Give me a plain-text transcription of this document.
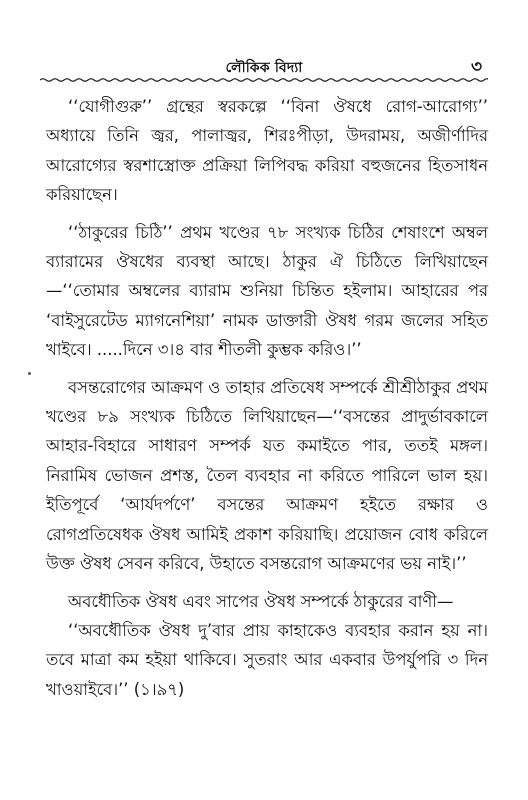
লৌকিক বিদ্যা	৩

‘‘যোগীগুরু’’ গ্রন্থের স্বরকল্পে ‘‘বিনা ঔষধে রোগ-আরোগ্য’’ অধ্যায়ে তিনি জ্বর, পালাজ্বর, শিরঃপীড়া, উদরাময়, অজীর্ণাদির আরোগ্যের স্বরশাস্ত্রোক্ত প্রক্রিয়া লিপিবদ্ধ করিয়া বহুজনের হিতসাধন করিয়াছেন।

‘‘ঠাকুরের চিঠি’’ প্রথম খণ্ডের ৭৮ সংখ্যক চিঠির শেষাংশে অম্বল ব্যারামের ঔষধের ব্যবস্থা আছে। ঠাকুর ঐ চিঠিতে লিখিয়াছেন—‘‘তোমার অম্বলের ব্যারাম শুনিয়া চিন্তিত হইলাম। আহারের পর ‘বাইসুরেটেড ম্যাগনেশিয়া’ নামক ডাক্তারী ঔষধ গরম জলের সহিত খাইবে। .....দিনে ৩।৪ বার শীতলী কুম্ভক করিও।’’

বসন্তরোগের আক্রমণ ও তাহার প্রতিষেধ সম্পর্কে শ্রীশ্রীঠাকুর প্রথম খণ্ডের ৮৯ সংখ্যক চিঠিতে লিখিয়াছেন—‘‘বসন্তের প্রাদুর্ভাবকালে আহার-বিহারে সাধারণ সম্পর্ক যত কমাইতে পার, ততই মঙ্গল। নিরামিষ ভোজন প্রশস্ত, তৈল ব্যবহার না করিতে পারিলে ভাল হয়। ইতিপূর্বে ‘আর্যদর্পণে’ বসন্তের আক্রমণ হইতে রক্ষার ও রোগপ্রতিষেধক ঔষধ আমিই প্রকাশ করিয়াছি। প্রয়োজন বোধ করিলে উক্ত ঔষধ সেবন করিবে, উহাতে বসন্তরোগ আক্রমণের ভয় নাই।’’

অবধৌতিক ঔষধ এবং সাপের ঔষধ সম্পর্কে ঠাকুরের বাণী—

‘‘অবধৌতিক ঔষধ দু’বার প্রায় কাহাকেও ব্যবহার করান হয় না। তবে মাত্রা কম হইয়া থাকিবে। সুতরাং আর একবার উপর্যুপরি ৩ দিন খাওয়াইবে।’’ (১।৯৭)
